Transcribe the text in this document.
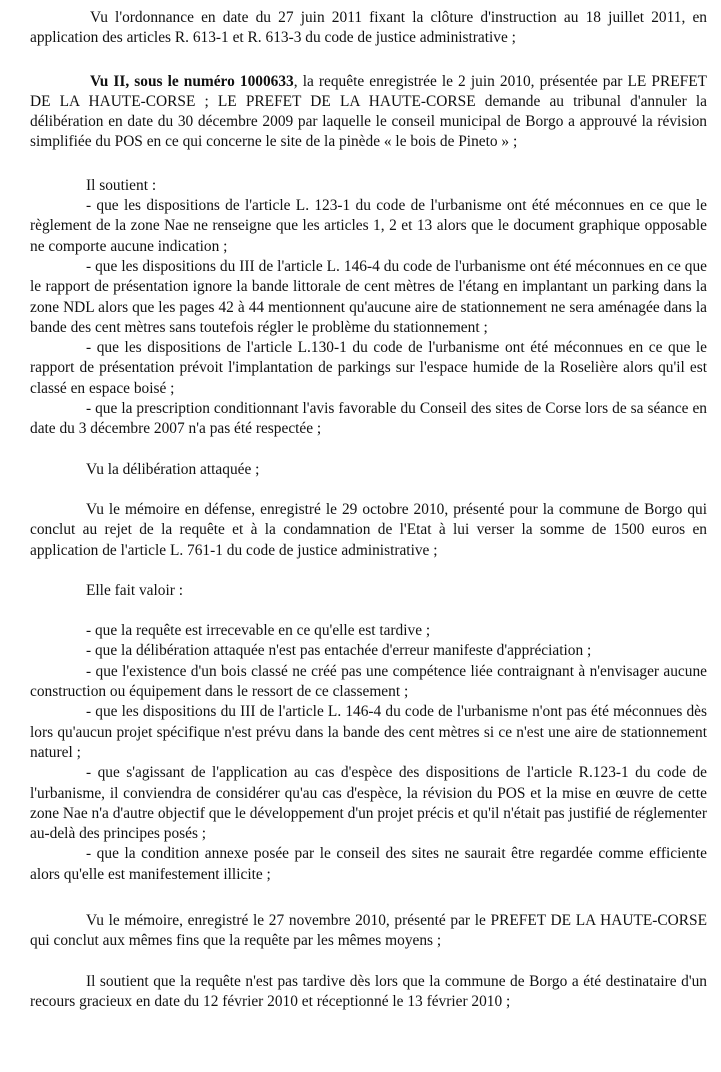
Vu l'ordonnance en date du 27 juin 2011 fixant la clôture d'instruction au 18 juillet 2011, en application des articles R. 613-1 et R. 613-3 du code de justice administrative ;

Vu II, sous le numéro 1000633, la requête enregistrée le 2 juin 2010, présentée par LE PREFET DE LA HAUTE-CORSE ; LE PREFET DE LA HAUTE-CORSE demande au tribunal d'annuler la délibération en date du 30 décembre 2009 par laquelle le conseil municipal de Borgo a approuvé la révision simplifiée du POS en ce qui concerne le site de la pinède « le bois de Pineto » ;

Il soutient :

- que les dispositions de l'article L. 123-1 du code de l'urbanisme ont été méconnues en ce que le règlement de la zone Nae ne renseigne que les articles 1, 2 et 13 alors que le document graphique opposable ne comporte aucune indication ;

- que les dispositions du III de l'article L. 146-4 du code de l'urbanisme ont été méconnues en ce que le rapport de présentation ignore la bande littorale de cent mètres de l'étang en implantant un parking dans la zone NDL alors que les pages 42 à 44 mentionnent qu'aucune aire de stationnement ne sera aménagée dans la bande des cent mètres sans toutefois régler le problème du stationnement ;

- que les dispositions de l'article L.130-1 du code de l'urbanisme ont été méconnues en ce que le rapport de présentation prévoit l'implantation de parkings sur l'espace humide de la Roselière alors qu'il est classé en espace boisé ;

- que la prescription conditionnant l'avis favorable du Conseil des sites de Corse lors de sa séance en date du 3 décembre 2007 n'a pas été respectée ;

Vu la délibération attaquée ;

Vu le mémoire en défense, enregistré le 29 octobre 2010, présenté pour la commune de Borgo qui conclut au rejet de la requête et à la condamnation de l'Etat à lui verser la somme de 1500 euros en application de l'article L. 761-1 du code de justice administrative ;

Elle fait valoir :

- que la requête est irrecevable en ce qu'elle est tardive ;

- que la délibération attaquée n'est pas entachée d'erreur manifeste d'appréciation ;

- que l'existence d'un bois classé ne créé pas une compétence liée contraignant à n'envisager aucune construction ou équipement dans le ressort de ce classement ;

- que les dispositions du III de l'article L. 146-4 du code de l'urbanisme n'ont pas été méconnues dès lors qu'aucun projet spécifique n'est prévu dans la bande des cent mètres si ce n'est une aire de stationnement naturel ;

- que s'agissant de l'application au cas d'espèce des dispositions de l'article R.123-1 du code de l'urbanisme, il conviendra de considérer qu'au cas d'espèce, la révision du POS et la mise en œuvre de cette zone Nae n'a d'autre objectif que le développement d'un projet précis et qu'il n'était pas justifié de réglementer au-delà des principes posés ;

- que la condition annexe posée par le conseil des sites ne saurait être regardée comme efficiente alors qu'elle est manifestement illicite ;

Vu le mémoire, enregistré le 27 novembre 2010, présenté par le PREFET DE LA HAUTE-CORSE qui conclut aux mêmes fins que la requête par les mêmes moyens ;

Il soutient que la requête n'est pas tardive dès lors que la commune de Borgo a été destinataire d'un recours gracieux en date du 12 février 2010 et réceptionné le 13 février 2010 ;
